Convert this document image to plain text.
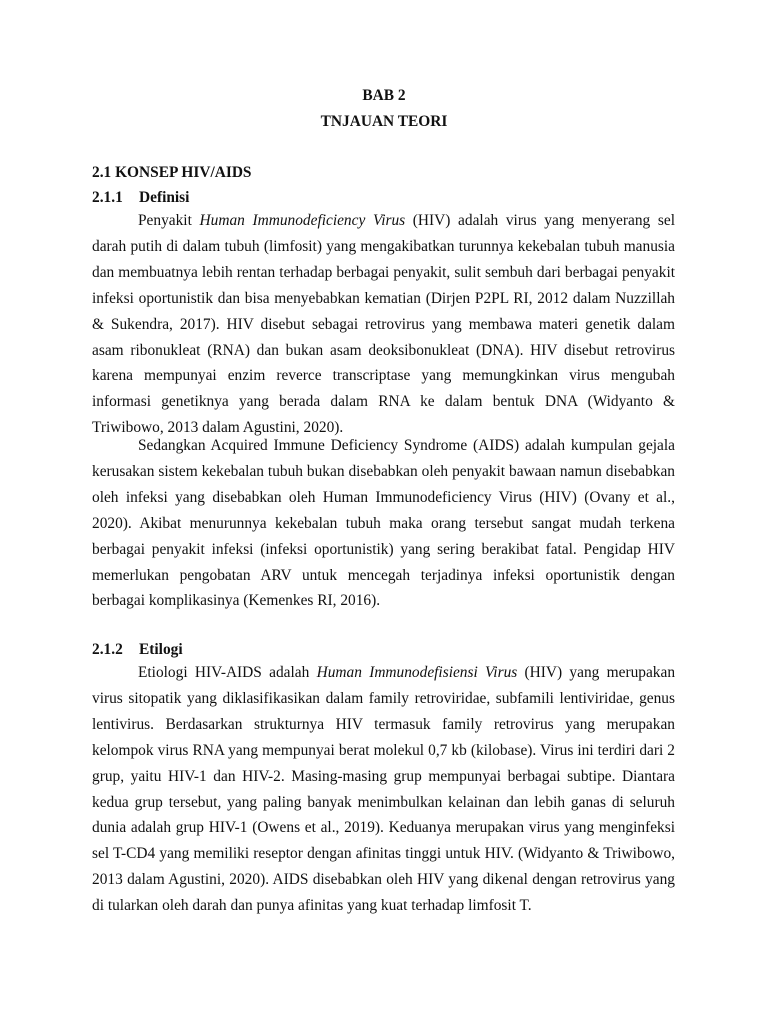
BAB 2

TNJAUAN TEORI

2.1 KONSEP HIV/AIDS

2.1.1 Definisi

Penyakit Human Immunodeficiency Virus (HIV) adalah virus yang menyerang sel darah putih di dalam tubuh (limfosit) yang mengakibatkan turunnya kekebalan tubuh manusia dan membuatnya lebih rentan terhadap berbagai penyakit, sulit sembuh dari berbagai penyakit infeksi oportunistik dan bisa menyebabkan kematian (Dirjen P2PL RI, 2012 dalam Nuzzillah & Sukendra, 2017). HIV disebut sebagai retrovirus yang membawa materi genetik dalam asam ribonukleat (RNA) dan bukan asam deoksibonukleat (DNA). HIV disebut retrovirus karena mempunyai enzim reverce transcriptase yang memungkinkan virus mengubah informasi genetiknya yang berada dalam RNA ke dalam bentuk DNA (Widyanto & Triwibowo, 2013 dalam Agustini, 2020).

Sedangkan Acquired Immune Deficiency Syndrome (AIDS) adalah kumpulan gejala kerusakan sistem kekebalan tubuh bukan disebabkan oleh penyakit bawaan namun disebabkan oleh infeksi yang disebabkan oleh Human Immunodeficiency Virus (HIV) (Ovany et al., 2020). Akibat menurunnya kekebalan tubuh maka orang tersebut sangat mudah terkena berbagai penyakit infeksi (infeksi oportunistik) yang sering berakibat fatal. Pengidap HIV memerlukan pengobatan ARV untuk mencegah terjadinya infeksi oportunistik dengan berbagai komplikasinya (Kemenkes RI, 2016).

2.1.2 Etilogi

Etiologi HIV-AIDS adalah Human Immunodefisiensi Virus (HIV) yang merupakan virus sitopatik yang diklasifikasikan dalam family retroviridae, subfamili lentiviridae, genus lentivirus. Berdasarkan strukturnya HIV termasuk family retrovirus yang merupakan kelompok virus RNA yang mempunyai berat molekul 0,7 kb (kilobase). Virus ini terdiri dari 2 grup, yaitu HIV-1 dan HIV-2. Masing-masing grup mempunyai berbagai subtipe. Diantara kedua grup tersebut, yang paling banyak menimbulkan kelainan dan lebih ganas di seluruh dunia adalah grup HIV-1 (Owens et al., 2019). Keduanya merupakan virus yang menginfeksi sel T-CD4 yang memiliki reseptor dengan afinitas tinggi untuk HIV. (Widyanto & Triwibowo, 2013 dalam Agustini, 2020). AIDS disebabkan oleh HIV yang dikenal dengan retrovirus yang di tularkan oleh darah dan punya afinitas yang kuat terhadap limfosit T.
